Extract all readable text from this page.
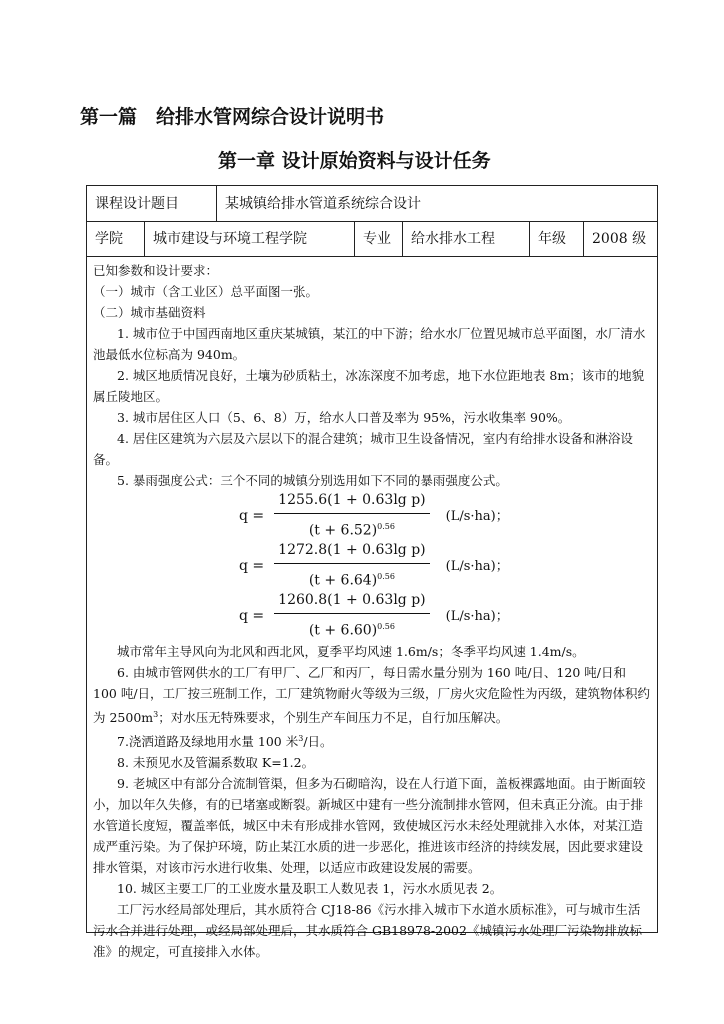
第一篇　给排水管网综合设计说明书
第一章 设计原始资料与设计任务
课程设计题目	某城镇给排水管道系统综合设计
学院 城市建设与环境工程学院	专业 给水排水工程	年级 2008 级

已知参数和设计要求：

（一）城市（含工业区）总平面图一张。

（二）城市基础资料

1. 城市位于中国西南地区重庆某城镇，某江的中下游；给水水厂位置见城市总平面图，水厂清水池最低水位标高为 940m。

2. 城区地质情况良好，土壤为砂质粘土，冰冻深度不加考虑，地下水位距地表 8m；该市的地貌属丘陵地区。

3. 城市居住区人口（5、6、8）万，给水人口普及率为 95%，污水收集率 90%。

4. 居住区建筑为六层及六层以下的混合建筑；城市卫生设备情况，室内有给排水设备和淋浴设备。

5. 暴雨强度公式：三个不同的城镇分别选用如下不同的暴雨强度公式。

$q = \frac{\text{1255.6(1 + 0.63lg p)}}{(t + 6.52)^{0.56}} (L/s\cdot ha)$；
$q = \frac{\text{1272.8(1 + 0.63lg p)}}{(t + 6.64)^{0.56}} (L/s\cdot ha)$；
$q = \frac{\text{1260.8(1 + 0.63lg p)}}{(t + 6.60)^{0.56}} (L/s\cdot ha)$；

城市常年主导风向为北风和西北风，夏季平均风速 1.6m/s；冬季平均风速 1.4m/s。

6. 由城市管网供水的工厂有甲厂、乙厂和丙厂，每日需水量分别为 160 吨/日、120 吨/日和 100 吨/日，工厂按三班制工作，工厂建筑物耐火等级为三级，厂房火灾危险性为丙级，建筑物体积约为 $2500m^3$；对水压无特殊要求，个别生产车间压力不足，自行加压解决。

7.浇洒道路及绿地用水量 100 米$^3$/日。

8. 未预见水及管漏系数取 K=1.2。

9. 老城区中有部分合流制管渠，但多为石砌暗沟，设在人行道下面，盖板裸露地面。由于断面较小，加以年久失修，有的已堵塞或断裂。新城区中建有一些分流制排水管网，但未真正分流。由于排水管道长度短，覆盖率低，城区中未有形成排水管网，致使城区污水未经处理就排入水体，对某江造成严重污染。为了保护环境，防止某江水质的进一步恶化，推进该市经济的持续发展，因此要求建设排水管渠，对该市污水进行收集、处理，以适应市政建设发展的需要。

10. 城区主要工厂的工业废水量及职工人数见表 1，污水水质见表 2。

工厂污水经局部处理后，其水质符合 CJ18-86《污水排入城市下水道水质标准》，可与城市生活污水合并进行处理，或经局部处理后，其水质符合 GB18978-2002《城镇污水处理厂污染物排放标准》的规定，可直接排入水体。
